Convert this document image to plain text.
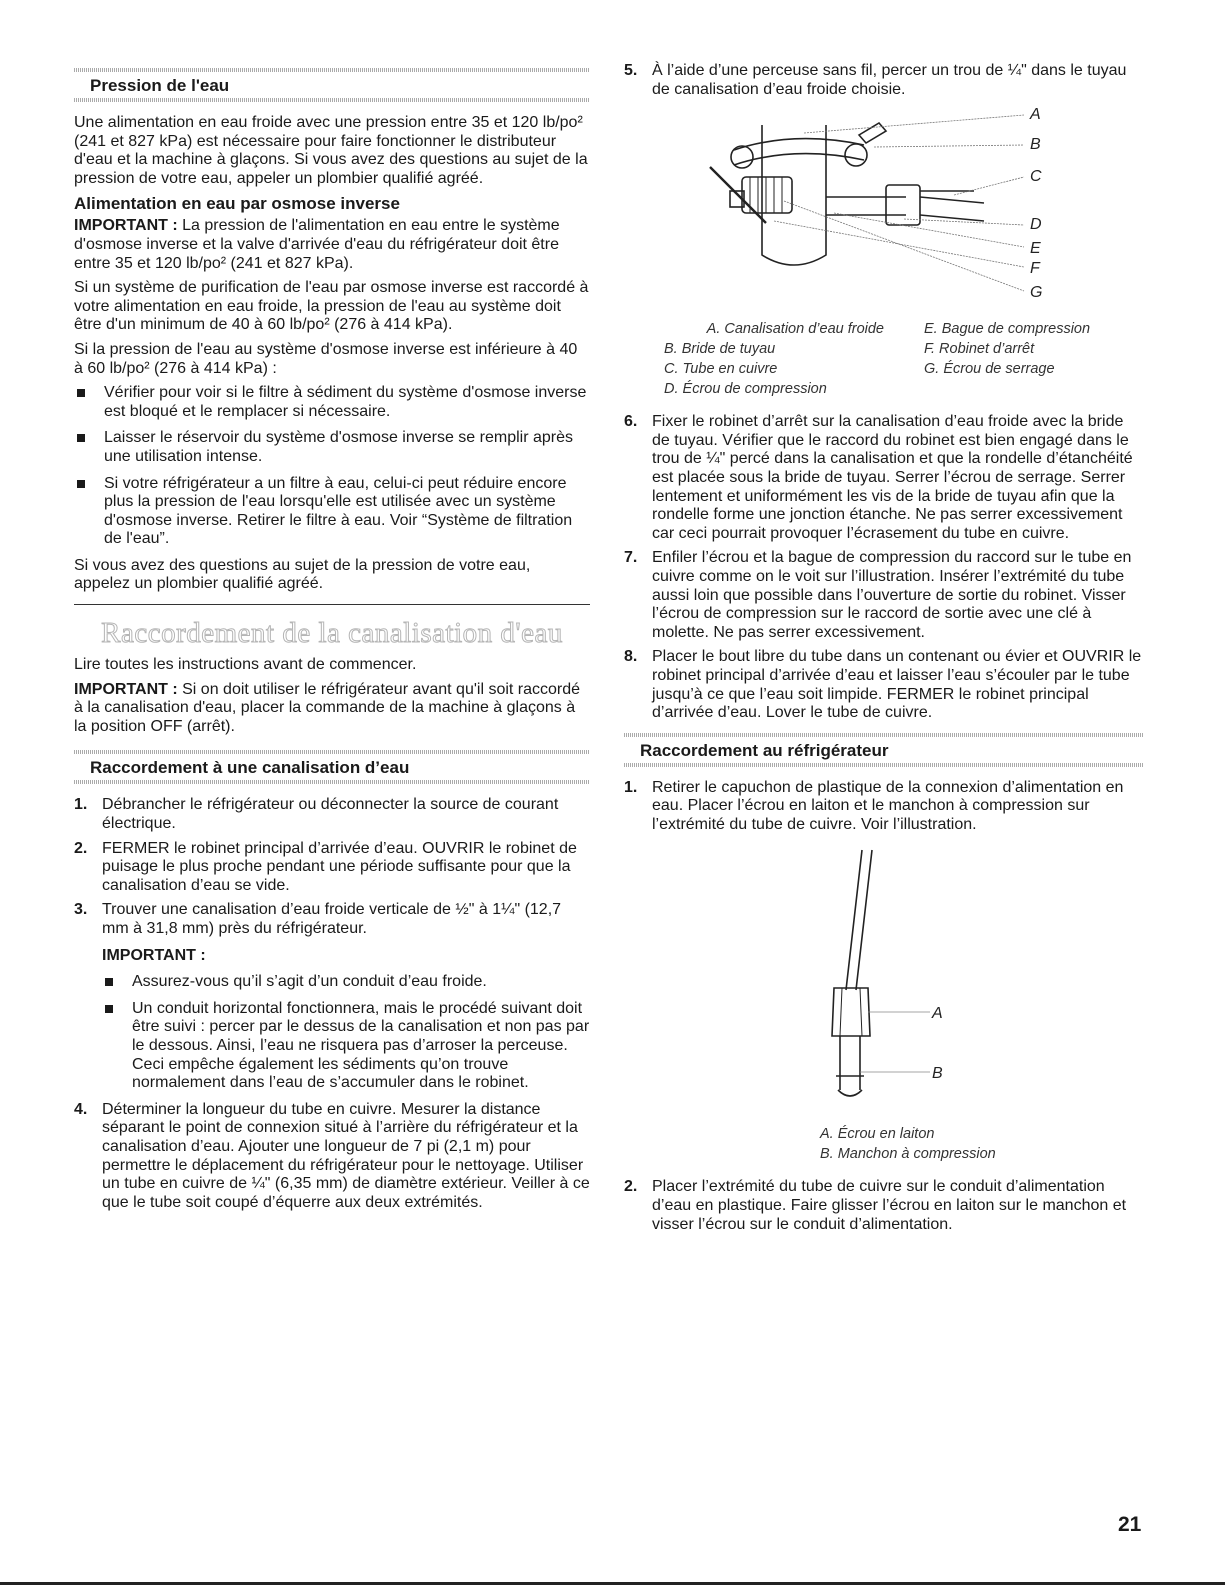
Pression de l'eau

Une alimentation en eau froide avec une pression entre 35 et 120 lb/po² (241 et 827 kPa) est nécessaire pour faire fonctionner le distributeur d'eau et la machine à glaçons. Si vous avez des questions au sujet de la pression de votre eau, appeler un plombier qualifié agréé.

Alimentation en eau par osmose inverse

IMPORTANT : La pression de l'alimentation en eau entre le système d'osmose inverse et la valve d'arrivée d'eau du réfrigérateur doit être entre 35 et 120 lb/po² (241 et 827 kPa).

Si un système de purification de l'eau par osmose inverse est raccordé à votre alimentation en eau froide, la pression de l'eau au système doit être d'un minimum de 40 à 60 lb/po² (276 à 414 kPa).

Si la pression de l'eau au système d'osmose inverse est inférieure à 40 à 60 lb/po² (276 à 414 kPa) :

Vérifier pour voir si le filtre à sédiment du système d'osmose inverse est bloqué et le remplacer si nécessaire.
Laisser le réservoir du système d'osmose inverse se remplir après une utilisation intense.
Si votre réfrigérateur a un filtre à eau, celui-ci peut réduire encore plus la pression de l'eau lorsqu'elle est utilisée avec un système d'osmose inverse. Retirer le filtre à eau. Voir “Système de filtration de l'eau”.

Si vous avez des questions au sujet de la pression de votre eau, appelez un plombier qualifié agréé.

Raccordement de la canalisation d'eau

Lire toutes les instructions avant de commencer.

IMPORTANT : Si on doit utiliser le réfrigérateur avant qu'il soit raccordé à la canalisation d'eau, placer la commande de la machine à glaçons à la position OFF (arrêt).

Raccordement à une canalisation d’eau
1. Débrancher le réfrigérateur ou déconnecter la source de courant électrique.
2. FERMER le robinet principal d’arrivée d’eau. OUVRIR le robinet de puisage le plus proche pendant une période suffisante pour que la canalisation d’eau se vide.
3. Trouver une canalisation d’eau froide verticale de ½" à 1¼" (12,7 mm à 31,8 mm) près du réfrigérateur.
IMPORTANT :
Assurez-vous qu’il s’agit d’un conduit d’eau froide.
Un conduit horizontal fonctionnera, mais le procédé suivant doit être suivi : percer par le dessus de la canalisation et non pas par le dessous. Ainsi, l’eau ne risquera pas d’arroser la perceuse. Ceci empêche également les sédiments qu’on trouve normalement dans l’eau de s’accumuler dans le robinet.
4. Déterminer la longueur du tube en cuivre. Mesurer la distance séparant le point de connexion situé à l’arrière du réfrigérateur et la canalisation d’eau. Ajouter une longueur de 7 pi (2,1 m) pour permettre le déplacement du réfrigérateur pour le nettoyage. Utiliser un tube en cuivre de ¼" (6,35 mm) de diamètre extérieur. Veiller à ce que le tube soit coupé d’équerre aux deux extrémités.
5. À l’aide d’une perceuse sans fil, percer un trou de ¼" dans le tuyau de canalisation d’eau froide choisie.
A
B
C
D
E
F
G
A. Canalisation d’eau froide
B. Bride de tuyau
C. Tube en cuivre
D. Écrou de compression
E. Bague de compression
F. Robinet d’arrêt
G. Écrou de serrage
6. Fixer le robinet d’arrêt sur la canalisation d’eau froide avec la bride de tuyau. Vérifier que le raccord du robinet est bien engagé dans le trou de ¼" percé dans la canalisation et que la rondelle d’étanchéité est placée sous la bride de tuyau. Serrer l’écrou de serrage. Serrer lentement et uniformément les vis de la bride de tuyau afin que la rondelle forme une jonction étanche. Ne pas serrer excessivement car ceci pourrait provoquer l’écrasement du tube en cuivre.
7. Enfiler l’écrou et la bague de compression du raccord sur le tube en cuivre comme on le voit sur l’illustration. Insérer l’extrémité du tube aussi loin que possible dans l’ouverture de sortie du robinet. Visser l’écrou de compression sur le raccord de sortie avec une clé à molette. Ne pas serrer excessivement.
8. Placer le bout libre du tube dans un contenant ou évier et OUVRIR le robinet principal d’arrivée d’eau et laisser l’eau s’écouler par le tube jusqu’à ce que l’eau soit limpide. FERMER le robinet principal d’arrivée d’eau. Lover le tube de cuivre.
Raccordement au réfrigérateur
1. Retirer le capuchon de plastique de la connexion d’alimentation en eau. Placer l’écrou en laiton et le manchon à compression sur l’extrémité du tube de cuivre. Voir l’illustration.
A
B
A. Écrou en laiton
B. Manchon à compression
2. Placer l’extrémité du tube de cuivre sur le conduit d’alimentation d’eau en plastique. Faire glisser l’écrou en laiton sur le manchon et visser l’écrou sur le conduit d’alimentation.
21
